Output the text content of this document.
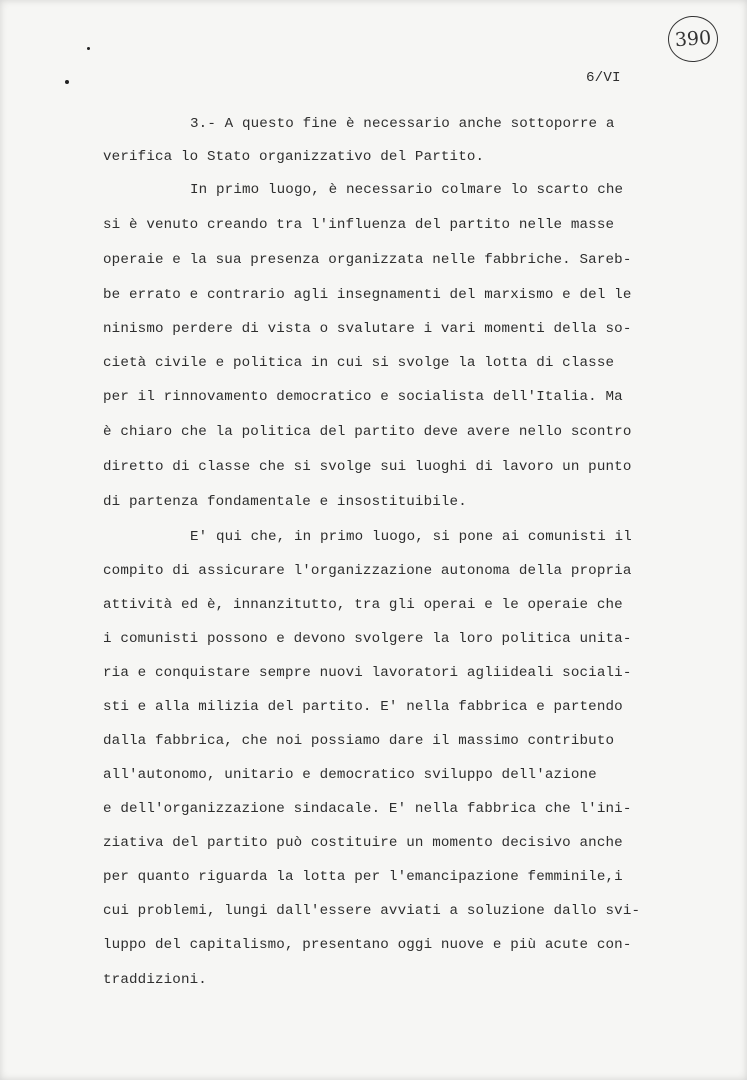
390
6/VI
3.- A questo fine è necessario anche sottoporre a
verifica lo Stato organizzativo del Partito.
In primo luogo, è necessario colmare lo scarto che
si è venuto creando tra l'influenza del partito nelle masse
operaie e la sua presenza organizzata nelle fabbriche. Sareb-
be errato e contrario agli insegnamenti del marxismo e del le
ninismo perdere di vista o svalutare i vari momenti della so-
cietà civile e politica in cui si svolge la lotta di classe
per il rinnovamento democratico e socialista dell'Italia. Ma
è chiaro che la politica del partito deve avere nello scontro
diretto di classe che si svolge sui luoghi di lavoro un punto
di partenza fondamentale e insostituibile.
E' qui che, in primo luogo, si pone ai comunisti il
compito di assicurare l'organizzazione autonoma della propria
attività ed è, innanzitutto, tra gli operai e le operaie che
i comunisti possono e devono svolgere la loro politica unita-
ria e conquistare sempre nuovi lavoratori agliideali sociali-
sti e alla milizia del partito. E' nella fabbrica e partendo
dalla fabbrica, che noi possiamo dare il massimo contributo
all'autonomo, unitario e democratico sviluppo dell'azione
e dell'organizzazione sindacale. E' nella fabbrica che l'ini-
ziativa del partito può costituire un momento decisivo anche
per quanto riguarda la lotta per l'emancipazione femminile,i
cui problemi, lungi dall'essere avviati a soluzione dallo svi-
luppo del capitalismo, presentano oggi nuove e più acute con-
traddizioni.
